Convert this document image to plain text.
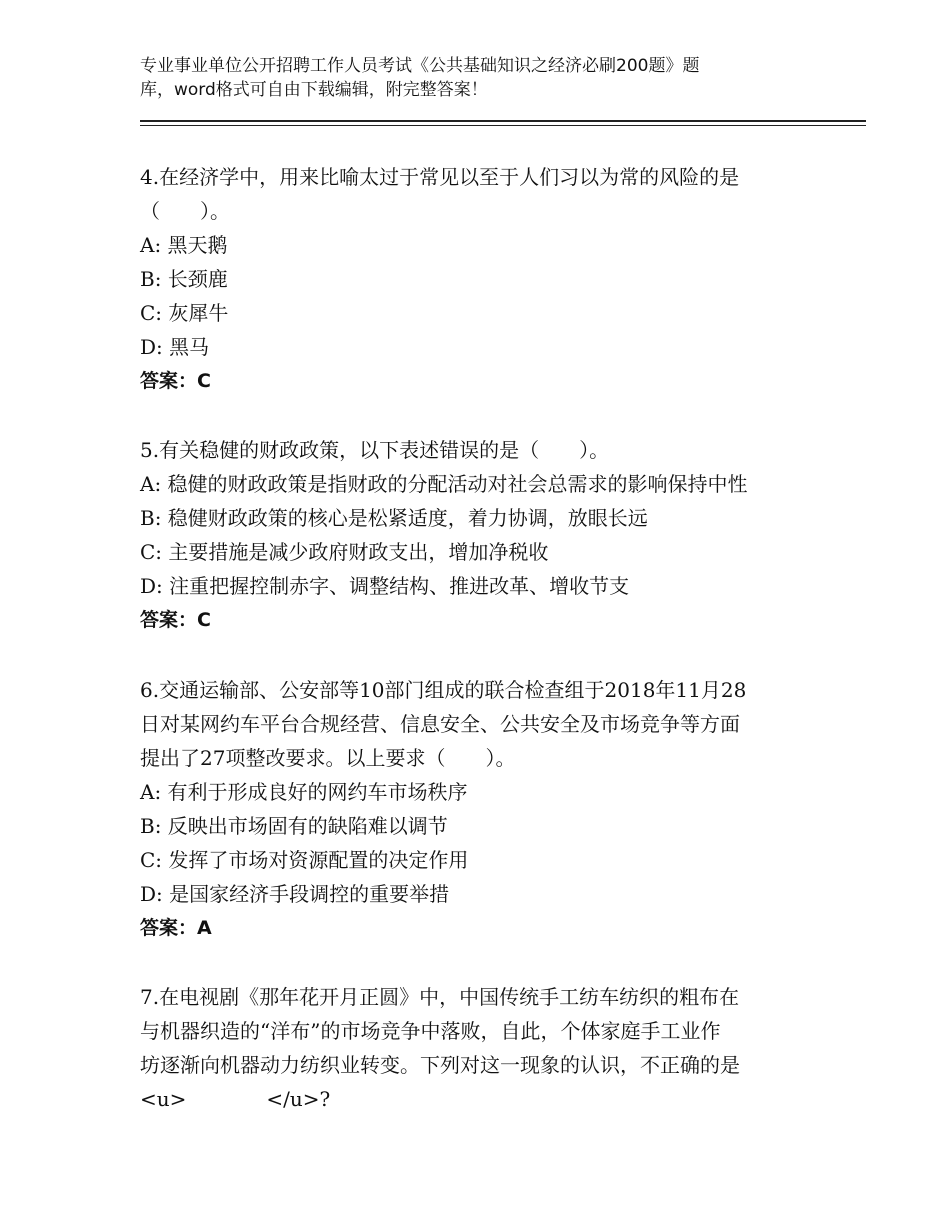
专业事业单位公开招聘工作人员考试《公共基础知识之经济必刷200题》题
库，word格式可自由下载编辑，附完整答案！

4.在经济学中，用来比喻太过于常见以至于人们习以为常的风险的是

（　　）。

A: 黑天鹅
B: 长颈鹿
C: 灰犀牛
D: 黑马
答案：C

5.有关稳健的财政政策，以下表述错误的是（　　）。

A: 稳健的财政政策是指财政的分配活动对社会总需求的影响保持中性
B: 稳健财政政策的核心是松紧适度，着力协调，放眼长远
C: 主要措施是减少政府财政支出，增加净税收
D: 注重把握控制赤字、调整结构、推进改革、增收节支
答案：C

6.交通运输部、公安部等10部门组成的联合检查组于2018年11月28

日对某网约车平台合规经营、信息安全、公共安全及市场竞争等方面

提出了27项整改要求。以上要求（　　）。

A: 有利于形成良好的网约车市场秩序
B: 反映出市场固有的缺陷难以调节
C: 发挥了市场对资源配置的决定作用
D: 是国家经济手段调控的重要举措
答案：A

7.在电视剧《那年花开月正圆》中，中国传统手工纺车纺织的粗布在

与机器织造的“洋布”的市场竞争中落败，自此，个体家庭手工业作

坊逐渐向机器动力纺织业转变。下列对这一现象的认识，不正确的是

<u>　　　　</u>?
